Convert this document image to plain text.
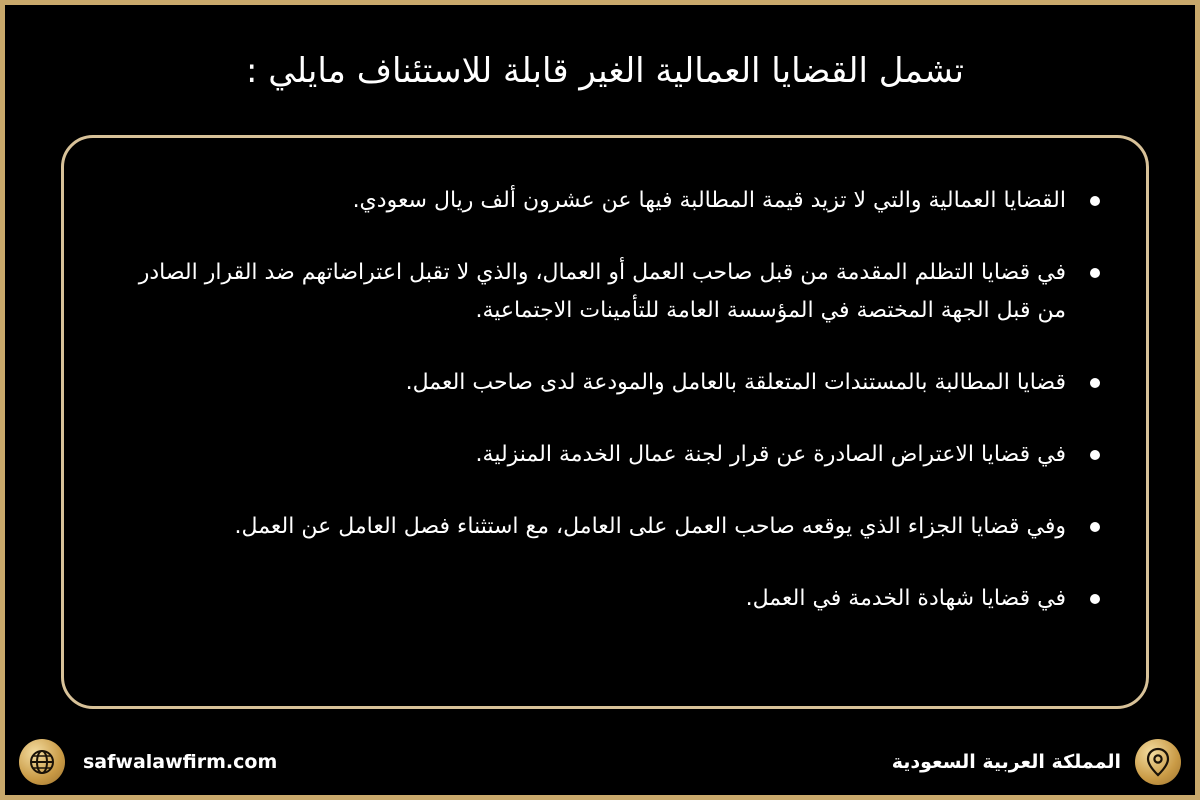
تشمل القضايا العمالية الغير قابلة للاستئناف مايلي :
القضايا العمالية والتي لا تزيد قيمة المطالبة فيها عن عشرون ألف ريال سعودي.
في قضايا التظلم المقدمة من قبل صاحب العمل أو العمال، والذي لا تقبل اعتراضاتهم ضد القرار الصادر من قبل الجهة المختصة في المؤسسة العامة للتأمينات الاجتماعية.
قضايا المطالبة بالمستندات المتعلقة بالعامل والمودعة لدى صاحب العمل.
في قضايا الاعتراض الصادرة عن قرار لجنة عمال الخدمة المنزلية.
وفي قضايا الجزاء الذي يوقعه صاحب العمل على العامل، مع استثناء فصل العامل عن العمل.
في قضايا شهادة الخدمة في العمل.
safwalawfirm.com	المملكة العربية السعودية
